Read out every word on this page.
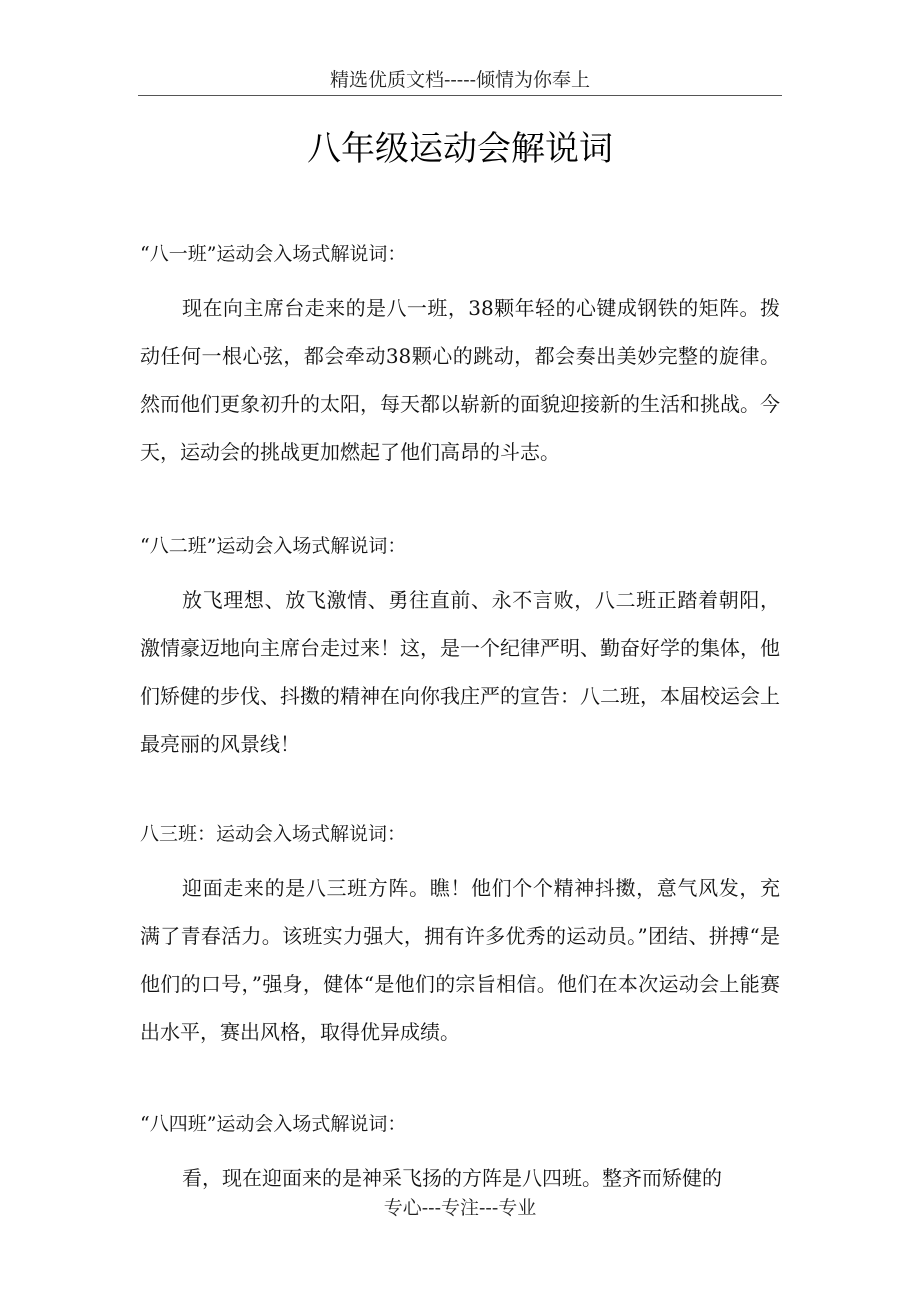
精选优质文档-----倾情为你奉上
八年级运动会解说词
“八一班”运动会入场式解说词：

现在向主席台走来的是八一班，38颗年轻的心键成钢铁的矩阵。拨动任何一根心弦，都会牵动38颗心的跳动，都会奏出美妙完整的旋律。然而他们更象初升的太阳，每天都以崭新的面貌迎接新的生活和挑战。今天，运动会的挑战更加燃起了他们高昂的斗志。

“八二班”运动会入场式解说词：

放飞理想、放飞激情、勇往直前、永不言败，八二班正踏着朝阳，激情豪迈地向主席台走过来！这，是一个纪律严明、勤奋好学的集体，他们矫健的步伐、抖擞的精神在向你我庄严的宣告：八二班，本届校运会上最亮丽的风景线！

八三班：运动会入场式解说词：

迎面走来的是八三班方阵。瞧！他们个个精神抖擞，意气风发，充满了青春活力。该班实力强大，拥有许多优秀的运动员。”团结、拼搏“是他们的口号，”强身，健体“是他们的宗旨相信。他们在本次运动会上能赛出水平，赛出风格，取得优异成绩。

“八四班”运动会入场式解说词：

看，现在迎面来的是神采飞扬的方阵是八四班。整齐而矫健的

专心---专注---专业
